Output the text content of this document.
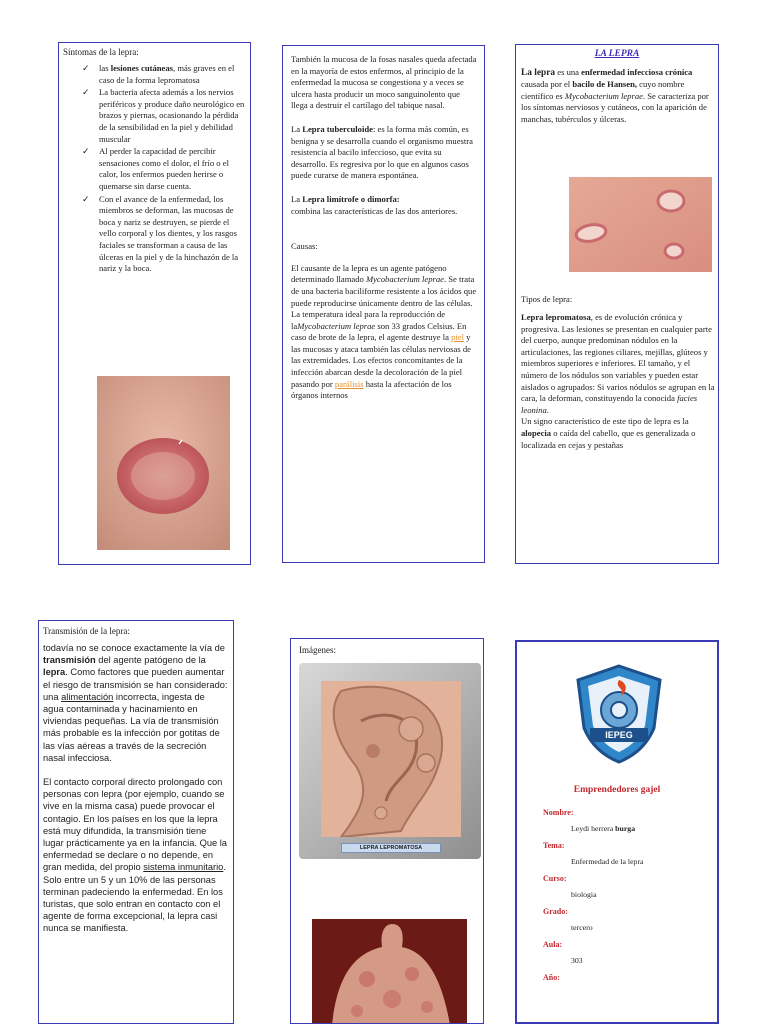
Síntomas de la lepra:

✓ las lesiones cutáneas, más graves en el caso de la forma lepromatosa
✓ La bacteria afecta además a los nervios periféricos y produce daño neurológico en brazos y piernas, ocasionando la pérdida de la sensibilidad en la piel y debilidad muscular
✓ Al perder la capacidad de percibir sensaciones como el dolor, el frío o el calor, los enfermos pueden herirse o quemarse sin darse cuenta.
✓ Con el avance de la enfermedad, los miembros se deforman, las mucosas de boca y nariz se destruyen, se pierde el vello corporal y los dientes, y los rasgos faciales se transforman a causa de las úlceras en la piel y de la hinchazón de la nariz y la boca.

También la mucosa de la fosas nasales queda afectada en la mayoría de estos enfermos, al principio de la enfermedad la mucosa se congestiona y a veces se ulcera hasta producir un moco sanguinolento que llega a destruir el cartílago del tabique nasal.

La Lepra tuberculoide: es la forma más común, es benigna y se desarrolla cuando el organismo muestra resistencia al bacilo infeccioso, que evita su desarrollo. Es regresiva por lo que en algunos casos puede curarse de manera espontánea.

La Lepra limítrofe o dimorfa:
combina las características de las dos anteriores.

Causas:

El causante de la lepra es un agente patógeno determinado llamado Mycobacterium leprae. Se trata de una bacteria baciliforme resistente a los ácidos que puede reproducirse únicamente dentro de las células. La temperatura ideal para la reproducción de laMycobacterium leprae son 33 grados Celsius. En caso de brote de la lepra, el agente destruye la piel y las mucosas y ataca también las células nerviosas de las extremidades. Los efectos concomitantes de la infección abarcan desde la decoloración de la piel pasando por parálisis hasta la afectación de los órganos internos

LA LEPRA

La lepra es una enfermedad infecciosa crónica causada por el bacilo de Hansen, cuyo nombre científico es Mycobacterium leprae. Se caracteriza por los síntomas nerviosos y cutáneos, con la aparición de manchas, tubérculos y úlceras.

Tipos de lepra:

Lepra lepromatosa, es de evolución crónica y progresiva. Las lesiones se presentan en cualquier parte del cuerpo, aunque predominan nódulos en la articulaciones, las regiones ciliares, mejillas, glúteos y miembros superiores e inferiores. El tamaño, y el número de los nódulos son variables y pueden estar aislados o agrupados: Si varios nódulos se agrupan en la cara, la deforman, constituyendo la conocida facies leonina.
Un signo característico de este tipo de lepra es la alopecia o caída del cabello, que es generalizada o localizada en cejas y pestañas

Transmisión de la lepra:

todavía no se conoce exactamente la vía de transmisión del agente patógeno de la lepra. Como factores que pueden aumentar el riesgo de transmisión se han considerado: una alimentación incorrecta, ingesta de agua contaminada y hacinamiento en viviendas pequeñas. La vía de transmisión más probable es la infección por gotitas de las vías aéreas a través de la secreción nasal infecciosa.

El contacto corporal directo prolongado con personas con lepra (por ejemplo, cuando se vive en la misma casa) puede provocar el contagio. En los países en los que la lepra está muy difundida, la transmisión tiene lugar prácticamente ya en la infancia. Que la enfermedad se declare o no depende, en gran medida, del propio sistema inmunitario. Solo entre un 5 y un 10% de las personas terminan padeciendo la enfermedad. En los turistas, que solo entran en contacto con el agente de forma excepcional, la lepra casi nunca se manifiesta.

Imágenes:

LEPRA LEPROMATOSA
IEPEG

Emprendedores gajel

Nombre:

Leydi herrera burga

Tema:

Enfermedad de la lepra

Curso:

biologia

Grado:

tercero

Aula:

303

Año:
